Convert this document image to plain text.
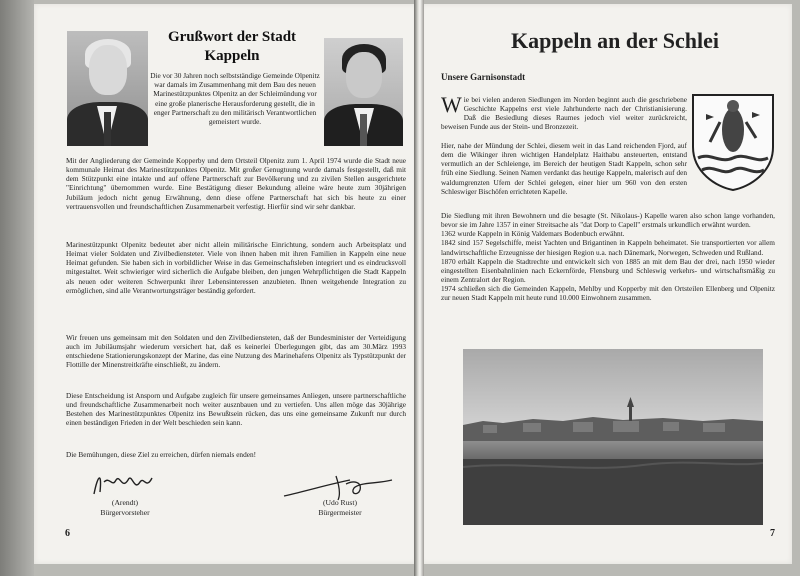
Grußwort der Stadt Kappeln
Die vor 30 Jahren noch selbstständige Gemeinde Olpenitz war damals im Zusammenhang mit dem Bau des neuen Marinestützpunktes Olpenitz an der Schleimündung vor eine große planerische Herausforderung gestellt, die in enger Partnerschaft zu den militärisch Verantwortlichen gemeistert wurde.
Mit der Angliederung der Gemeinde Kopperby und dem Ortsteil Olpenitz zum 1. April 1974 wurde die Stadt neue kommunale Heimat des Marinestützpunktes Olpenitz. Mit großer Genugtuung wurde damals festgestellt, daß mit dem Stützpunkt eine intakte und auf offene Partnerschaft zur Bevölkerung und zu zivilen Stellen ausgerichtete "Einrichtung" übernommen wurde. Eine Bestätigung dieser Bekundung alleine wäre heute zum 30jährigen Jubiläum jedoch nicht genug Erwähnung, denn diese offene Partnerschaft hat sich bis heute zu einer vertrauensvollen und freundschaftlichen Zusammenarbeit verfestigt. Hierfür sind wir sehr dankbar.
Marinestützpunkt Olpenitz bedeutet aber nicht allein militärische Einrichtung, sondern auch Arbeitsplatz und Heimat vieler Soldaten und Zivilbediensteter. Viele von ihnen haben mit ihren Familien in Kappeln eine neue Heimat gefunden. Sie haben sich in vorbildlicher Weise in das Gemeinschaftsleben integriert und es eindrucksvoll mitgestaltet. Weit schwieriger wird sicherlich die Aufgabe bleiben, den jungen Wehrpflichtigen die Stadt Kappeln als neuen oder weiteren Schwerpunkt ihrer Lebensinteressen anzubieten. Ihnen weitgehende Integration zu ermöglichen, sind alle Verantwortungsträger beständig gefordert.
Wir freuen uns gemeinsam mit den Soldaten und den Zivilbediensteten, daß der Bundesminister der Verteidigung auch im Jubiläumsjahr wiederum versichert hat, daß es keinerlei Überlegungen gibt, das am 30.März 1993 entschiedene Stationierungskonzept der Marine, das eine Nutzung des Marinehafens Olpenitz als Typstützpunkt der Flottille der Minenstreitkräfte einschließt, zu ändern.
Diese Entscheidung ist Ansporn und Aufgabe zugleich für unsere gemeinsames Anliegen, unsere partnerschaftliche und freundschaftliche Zusammenarbeit noch weiter ausznbauen und zu vertiefen. Uns allen möge das 30jährige Bestehen des Marinestützpunktes Olpenitz ins Bewußtsein rücken, das uns eine gemeinsame Zukunft nur durch einen beständigen Frieden in der Welt beschieden sein kann.
Die Bemühungen, diese Ziel zu erreichen, dürfen niemals enden!
(Arendt)
Bürgervorsteher
(Udo Rust)
Bürgermeister
6
Kappeln an der Schlei
Unsere Garnisonstadt
Wie bei vielen anderen Siedlungen im Norden beginnt auch die geschriebene Geschichte Kappelns erst viele Jahrhunderte nach der Christianisierung. Daß die Besiedlung dieses Raumes jedoch viel weiter zurückreicht, beweisen Funde aus der Stein- und Bronzezeit.
Hier, nahe der Mündung der Schlei, diesem weit in das Land reichenden Fjord, auf dem die Wikinger ihren wichtigen Handelplatz Haithabu ansteuerten, entstand vermutlich an der Schleienge, im Bereich der heutigen Stadt Kappeln, schon sehr früh eine Siedlung. Seinen Namen verdankt das heutige Kappeln, malerisch auf den waldumgrenzten Ufern der Schlei gelegen, einer hier um 960 von den ersten Schleswiger Bischöfen errichteten Kapelle.
Die Siedlung mit ihren Bewohnern und die besagte (St. Nikolaus-) Kapelle waren also schon lange vorhanden, bevor sie im Jahre 1357 in einer Streitsache als "dat Dorp to Capell" erstmals urkundlich erwähnt wurden.
1362 wurde Kappeln in König Valdemars Bodenbuch erwähnt.
1842 sind 157 Segelschiffe, meist Yachten und Brigantinen in Kappeln beheimatet. Sie transportierten vor allem landwirtschaftliche Erzeugnisse der hiesigen Region u.a. nach Dänemark, Norwegen, Schweden und Rußland.
1870 erhält Kappeln die Stadtrechte und entwickelt sich von 1885 an mit dem Bau der drei, nach 1950 wieder eingestellten Eisenbahnlinien nach Eckernförde, Flensburg und Schleswig verkehrs- und wirtschaftsmäßig zu einem Zentralort der Region.
1974 schließen sich die Gemeinden Kappeln, Mehlby und Kopperby mit den Ortsteilen Ellenberg und Olpenitz zur neuen Stadt Kappeln mit heute rund 10.000 Einwohnern zusammen.
7
